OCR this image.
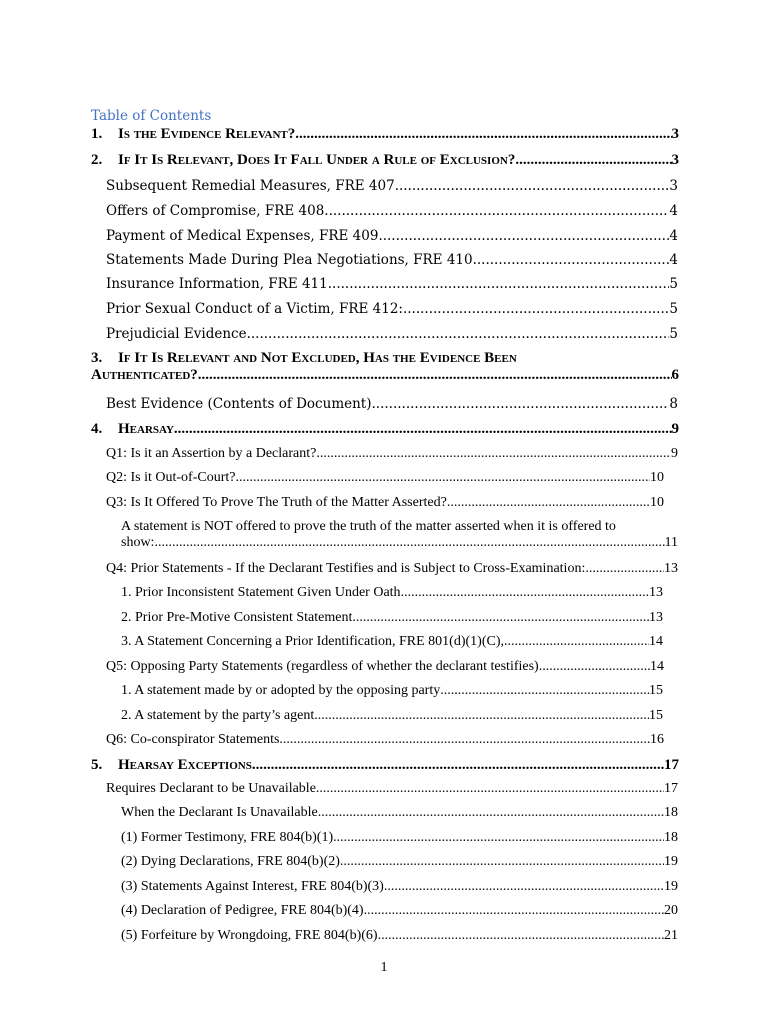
Table of Contents
1. Is the Evidence Relevant? .....	3
2. If It Is Relevant, Does It Fall Under a Rule of Exclusion? .....	3
Subsequent Remedial Measures, FRE 407 .....	3
Offers of Compromise, FRE 408 .....	4
Payment of Medical Expenses, FRE 409 .....	4
Statements Made During Plea Negotiations, FRE 410 .....	4
Insurance Information, FRE 411 .....	5
Prior Sexual Conduct of a Victim, FRE 412: .....	5
Prejudicial Evidence .....	5
3. If It Is Relevant and Not Excluded, Has the Evidence Been
Authenticated? .....	6
Best Evidence (Contents of Document) .....	8
4. Hearsay .....	9
Q1: Is it an Assertion by a Declarant? .....	9
Q2: Is it Out-of-Court? .....	10
Q3: Is It Offered To Prove The Truth of the Matter Asserted? .....	10
A statement is NOT offered to prove the truth of the matter asserted when it is offered to
show: .....	11
Q4: Prior Statements - If the Declarant Testifies and is Subject to Cross-Examination: .....	13
1. Prior Inconsistent Statement Given Under Oath .....	13
2. Prior Pre-Motive Consistent Statement .....	13
3. A Statement Concerning a Prior Identification, FRE 801(d)(1)(C), .....	14
Q5: Opposing Party Statements (regardless of whether the declarant testifies) .....	14
1. A statement made by or adopted by the opposing party .....	15
2. A statement by the party’s agent .....	15
Q6: Co-conspirator Statements .....	16
5. Hearsay Exceptions .....	17
Requires Declarant to be Unavailable .....	17
When the Declarant Is Unavailable .....	18
(1) Former Testimony, FRE 804(b)(1) .....	18
(2) Dying Declarations, FRE 804(b)(2) .....	19
(3) Statements Against Interest, FRE 804(b)(3) .....	19
(4) Declaration of Pedigree, FRE 804(b)(4) .....	20
(5) Forfeiture by Wrongdoing, FRE 804(b)(6) .....	21
1
